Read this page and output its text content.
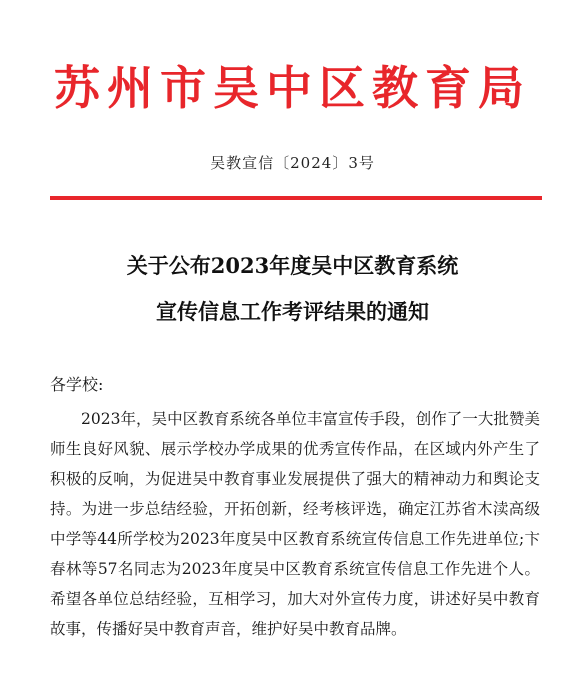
苏州市吴中区教育局
吴教宣信〔2024〕3号
关于公布2023年度吴中区教育系统
宣传信息工作考评结果的通知
各学校:

2023年，吴中区教育系统各单位丰富宣传手段，创作了一大批赞美师生良好风貌、展示学校办学成果的优秀宣传作品，在区域内外产生了积极的反响，为促进吴中教育事业发展提供了强大的精神动力和舆论支持。为进一步总结经验，开拓创新，经考核评选，确定江苏省木渎高级中学等44所学校为2023年度吴中区教育系统宣传信息工作先进单位;卞春林等57名同志为2023年度吴中区教育系统宣传信息工作先进个人。希望各单位总结经验，互相学习，加大对外宣传力度，讲述好吴中教育故事，传播好吴中教育声音，维护好吴中教育品牌。
